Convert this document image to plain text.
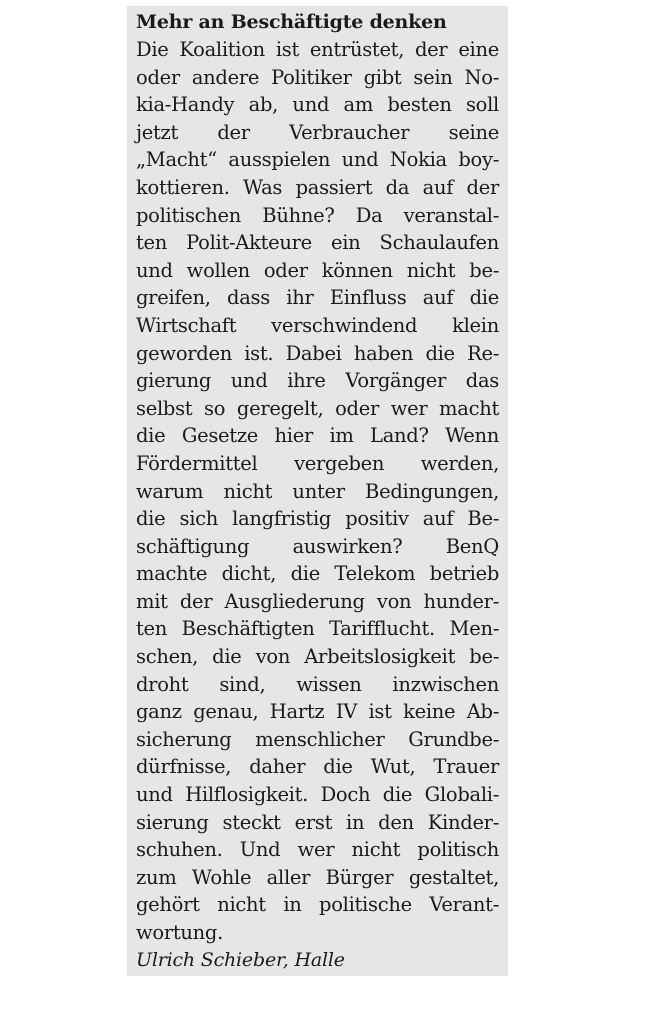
Mehr an Beschäftigte denken
Die Koalition ist entrüstet, der eine
oder andere Politiker gibt sein No-
kia-Handy ab, und am besten soll
jetzt der Verbraucher seine
„Macht“ ausspielen und Nokia boy-
kottieren. Was passiert da auf der
politischen Bühne? Da veranstal-
ten Polit-Akteure ein Schaulaufen
und wollen oder können nicht be-
greifen, dass ihr Einfluss auf die
Wirtschaft verschwindend klein
geworden ist. Dabei haben die Re-
gierung und ihre Vorgänger das
selbst so geregelt, oder wer macht
die Gesetze hier im Land? Wenn
Fördermittel vergeben werden,
warum nicht unter Bedingungen,
die sich langfristig positiv auf Be-
schäftigung auswirken? BenQ
machte dicht, die Telekom betrieb
mit der Ausgliederung von hunder-
ten Beschäftigten Tarifflucht. Men-
schen, die von Arbeitslosigkeit be-
droht sind, wissen inzwischen
ganz genau, Hartz IV ist keine Ab-
sicherung menschlicher Grundbe-
dürfnisse, daher die Wut, Trauer
und Hilflosigkeit. Doch die Globali-
sierung steckt erst in den Kinder-
schuhen. Und wer nicht politisch
zum Wohle aller Bürger gestaltet,
gehört nicht in politische Verant-
wortung.
Ulrich Schieber, Halle
